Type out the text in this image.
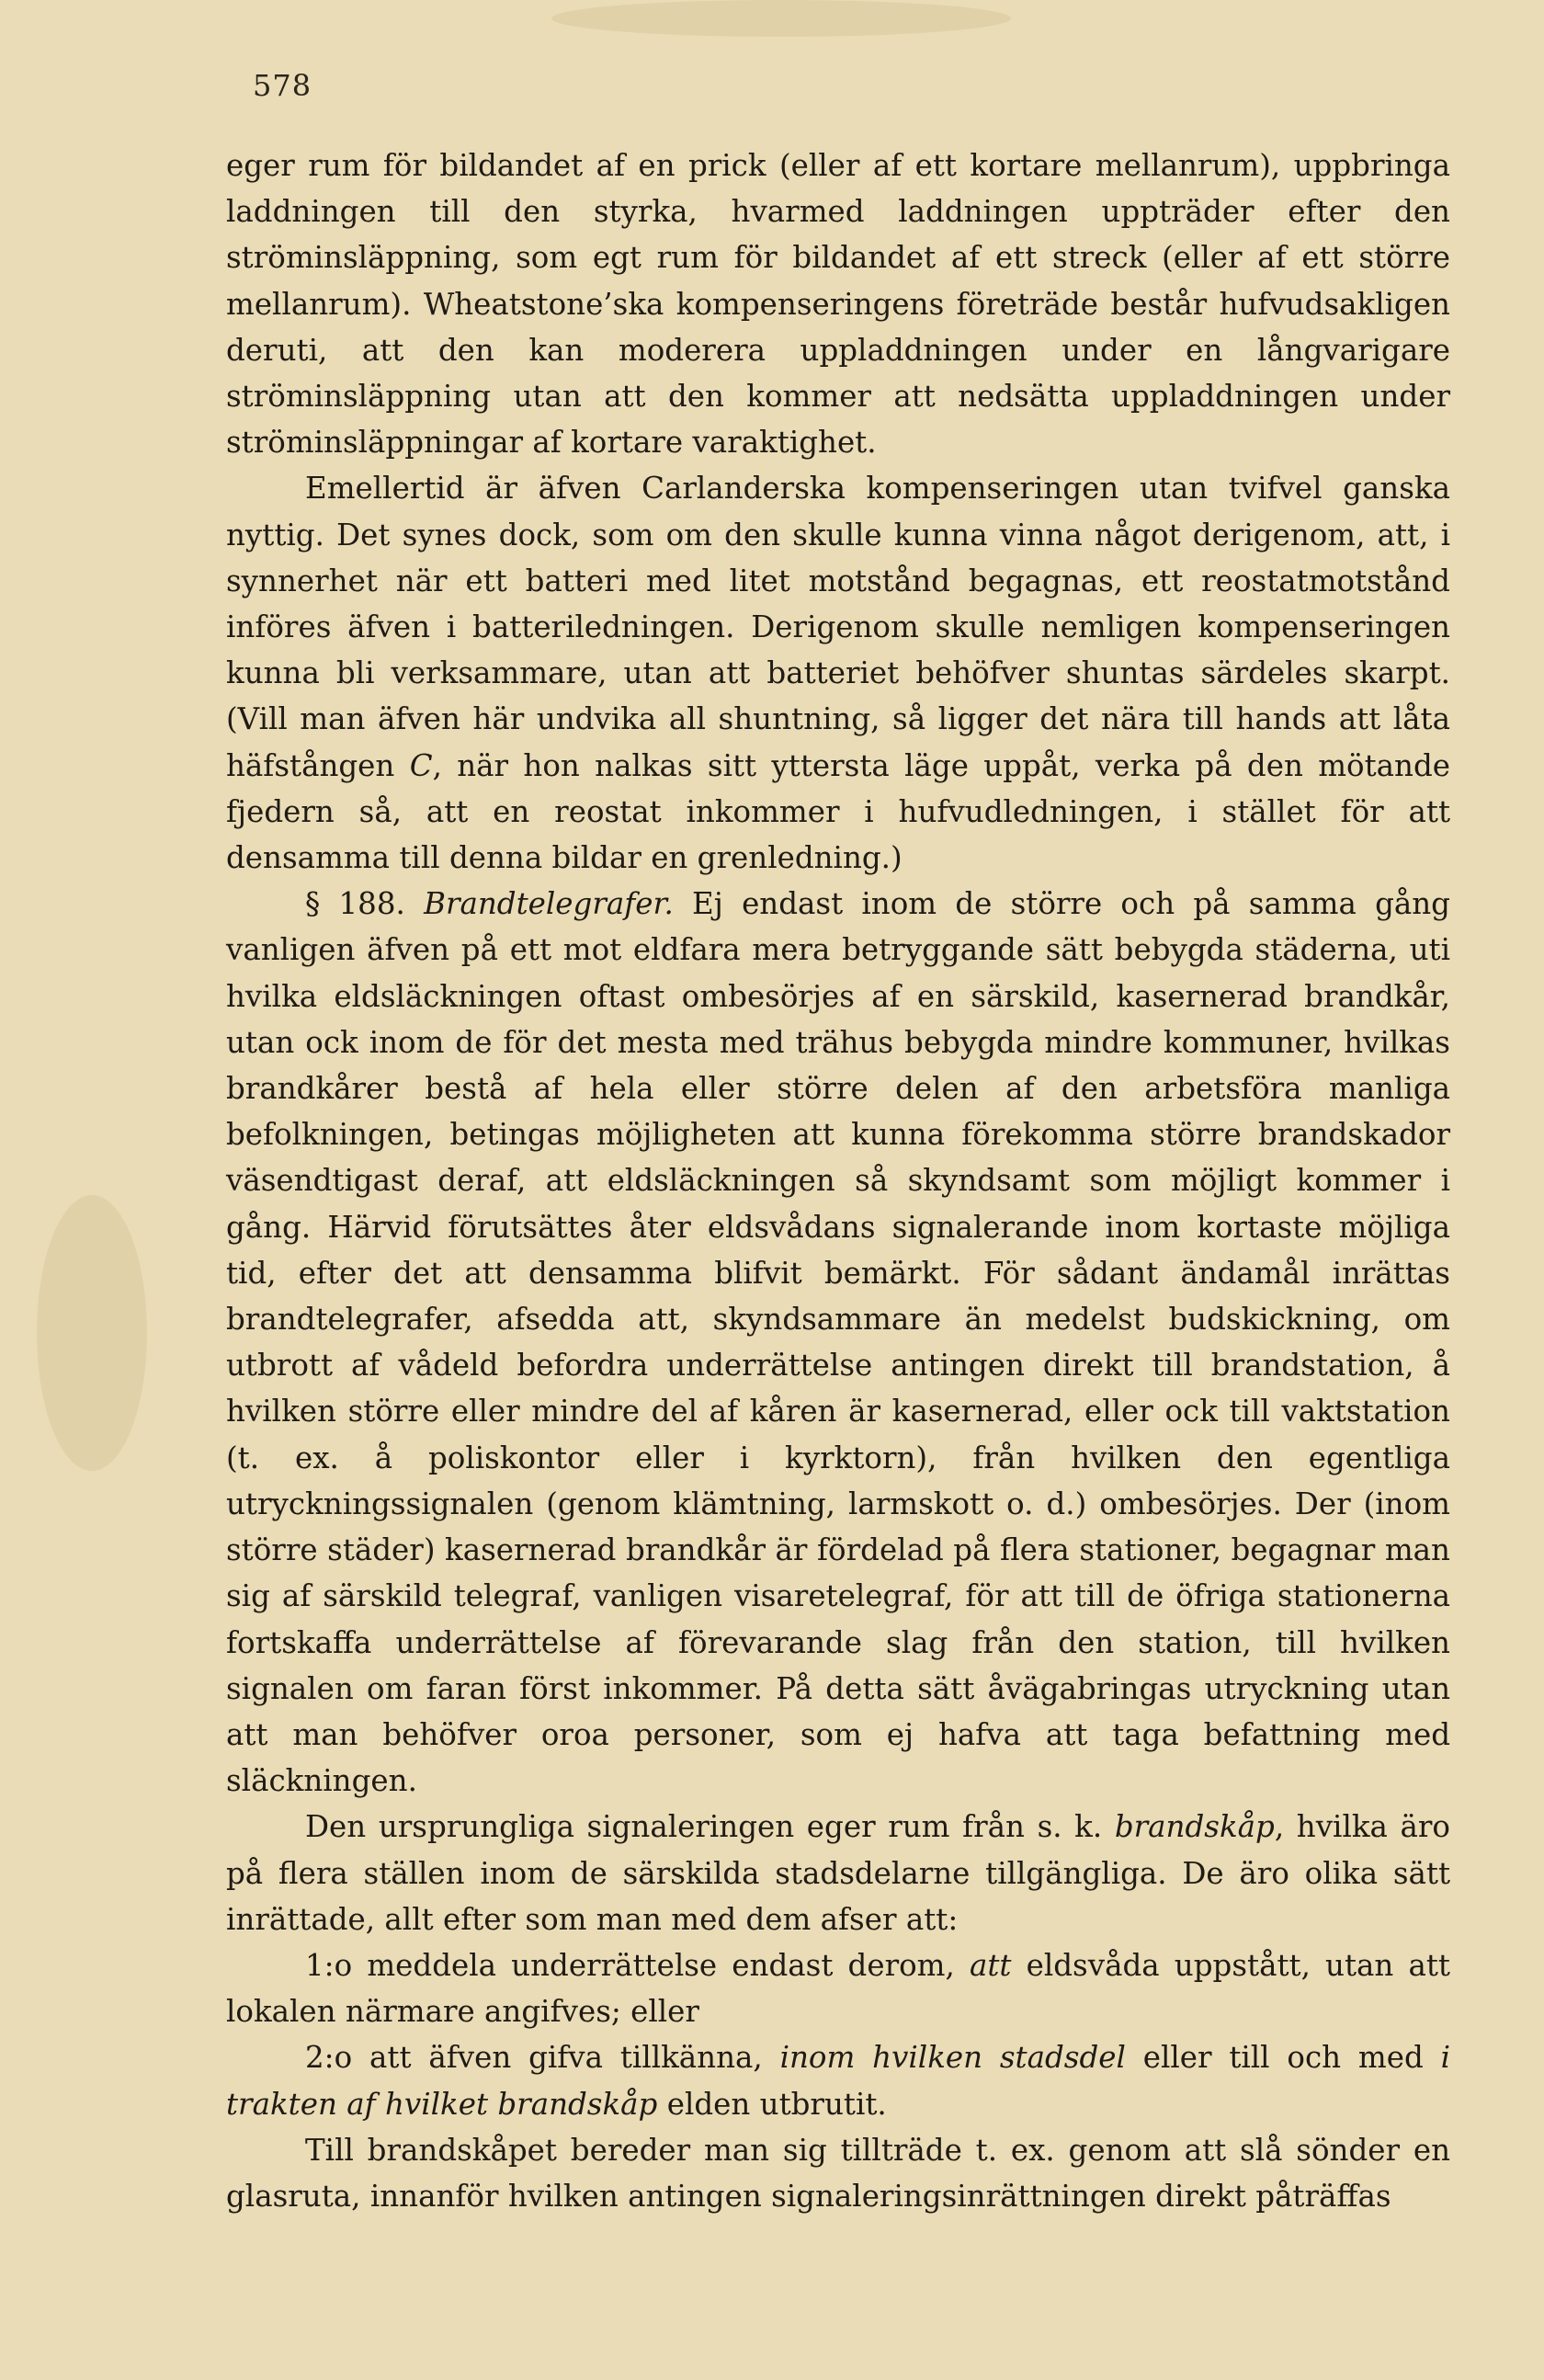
578

eger rum för bildandet af en prick (eller af ett kortare mellanrum), uppbringa laddningen till den styrka, hvarmed laddningen uppträder efter den ströminsläppning, som egt rum för bildandet af ett streck (eller af ett större mellanrum). Wheatstone’ska kompenseringens företräde består hufvudsakligen deruti, att den kan moderera uppladdningen under en långvarigare ströminsläppning utan att den kommer att nedsätta uppladdningen under ströminsläppningar af kortare varaktighet.

Emellertid är äfven Carlanderska kompenseringen utan tvifvel ganska nyttig. Det synes dock, som om den skulle kunna vinna något derigenom, att, i synnerhet när ett batteri med litet motstånd begagnas, ett reostatmotstånd införes äfven i batteriledningen. Derigenom skulle nemligen kompenseringen kunna bli verksammare, utan att batteriet behöfver shuntas särdeles skarpt. (Vill man äfven här undvika all shuntning, så ligger det nära till hands att låta häfstången C, när hon nalkas sitt yttersta läge uppåt, verka på den mötande fjedern så, att en reostat inkommer i hufvudledningen, i stället för att densamma till denna bildar en grenledning.)

§ 188. Brandtelegrafer. Ej endast inom de större och på samma gång vanligen äfven på ett mot eldfara mera betryggande sätt bebygda städerna, uti hvilka eldsläckningen oftast ombesörjes af en särskild, kasernerad brandkår, utan ock inom de för det mesta med trähus bebygda mindre kommuner, hvilkas brandkårer bestå af hela eller större delen af den arbetsföra manliga befolkningen, betingas möjligheten att kunna förekomma större brandskador väsendtigast deraf, att eldsläckningen så skyndsamt som möjligt kommer i gång. Härvid förutsättes åter eldsvådans signalerande inom kortaste möjliga tid, efter det att densamma blifvit bemärkt. För sådant ändamål inrättas brandtelegrafer, afsedda att, skyndsammare än medelst budskickning, om utbrott af vådeld befordra underrättelse antingen direkt till brandstation, å hvilken större eller mindre del af kåren är kasernerad, eller ock till vaktstation (t. ex. å poliskontor eller i kyrktorn), från hvilken den egentliga utryckningssignalen (genom klämtning, larmskott o. d.) ombesörjes. Der (inom större städer) kasernerad brandkår är fördelad på flera stationer, begagnar man sig af särskild telegraf, vanligen visaretelegraf, för att till de öfriga stationerna fortskaffa underrättelse af förevarande slag från den station, till hvilken signalen om faran först inkommer. På detta sätt åvägabringas utryckning utan att man behöfver oroa personer, som ej hafva att taga befattning med släckningen.

Den ursprungliga signaleringen eger rum från s. k. brandskåp, hvilka äro på flera ställen inom de särskilda stadsdelarne tillgängliga. De äro olika sätt inrättade, allt efter som man med dem afser att:

1:o meddela underrättelse endast derom, att eldsvåda uppstått, utan att lokalen närmare angifves; eller

2:o att äfven gifva tillkänna, inom hvilken stadsdel eller till och med i trakten af hvilket brandskåp elden utbrutit.

Till brandskåpet bereder man sig tillträde t. ex. genom att slå sönder en glasruta, innanför hvilken antingen signaleringsinrättningen direkt påträffas
